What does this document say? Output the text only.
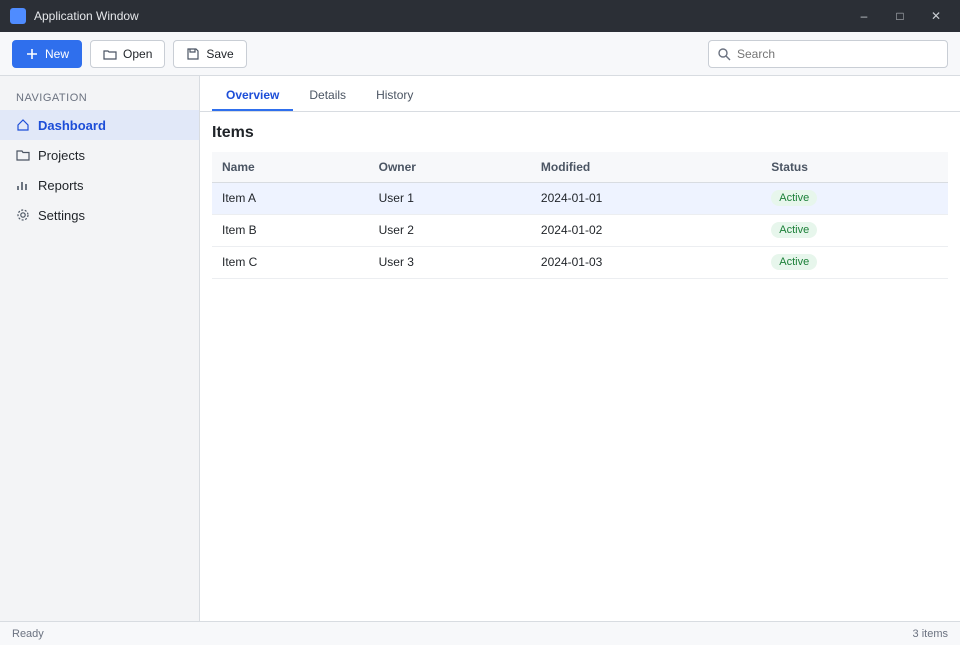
Application Window	–	□	✕
New	Open	Save
Search
NAVIGATION
Dashboard
Projects
Reports
Settings
Overview	Details	History
Items
Name	Owner	Modified	Status
Item A	User 1	2024-01-01	Active
Item B	User 2	2024-01-02	Active
Item C	User 3	2024-01-03	Active
Ready	3 items
